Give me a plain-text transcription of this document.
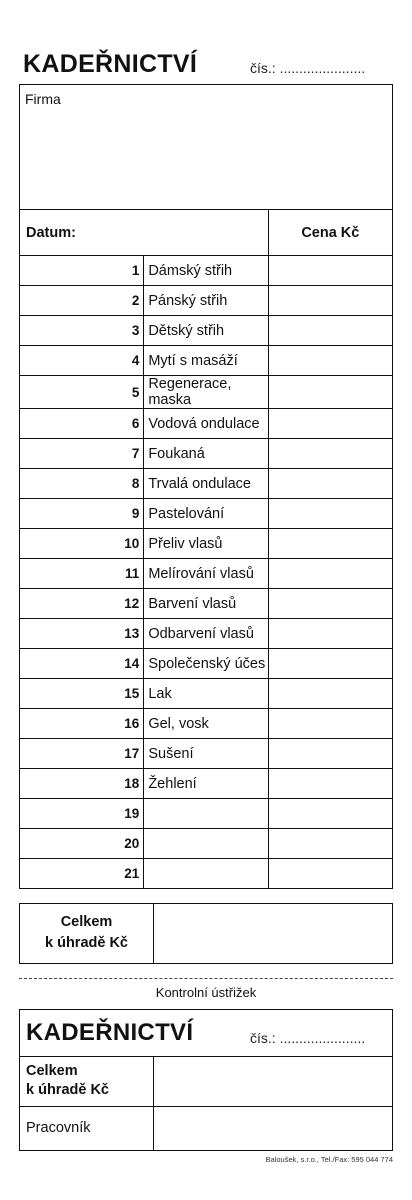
KADEŘNICTVÍ	čís.: ......................
Firma
Datum:		Cena Kč
1	Dámský střih	
2	Pánský střih	
3	Dětský střih	
4	Mytí s masáží	
5	Regenerace, maska	
6	Vodová ondulace	
7	Foukaná	
8	Trvalá ondulace	
9	Pastelování	
10	Přeliv vlasů	
11	Melírování vlasů	
12	Barvení vlasů	
13	Odbarvení vlasů	
14	Společenský účes	
15	Lak	
16	Gel, vosk	
17	Sušení	
18	Žehlení	
19		
20		
21		
Celkem
k úhradě Kč
Kontrolní ústřižek
KADEŘNICTVÍ	čís.: ......................
Celkem
k úhradě Kč
Pracovník
Baloušek, s.r.o., Tel./Fax: 595 044 774
